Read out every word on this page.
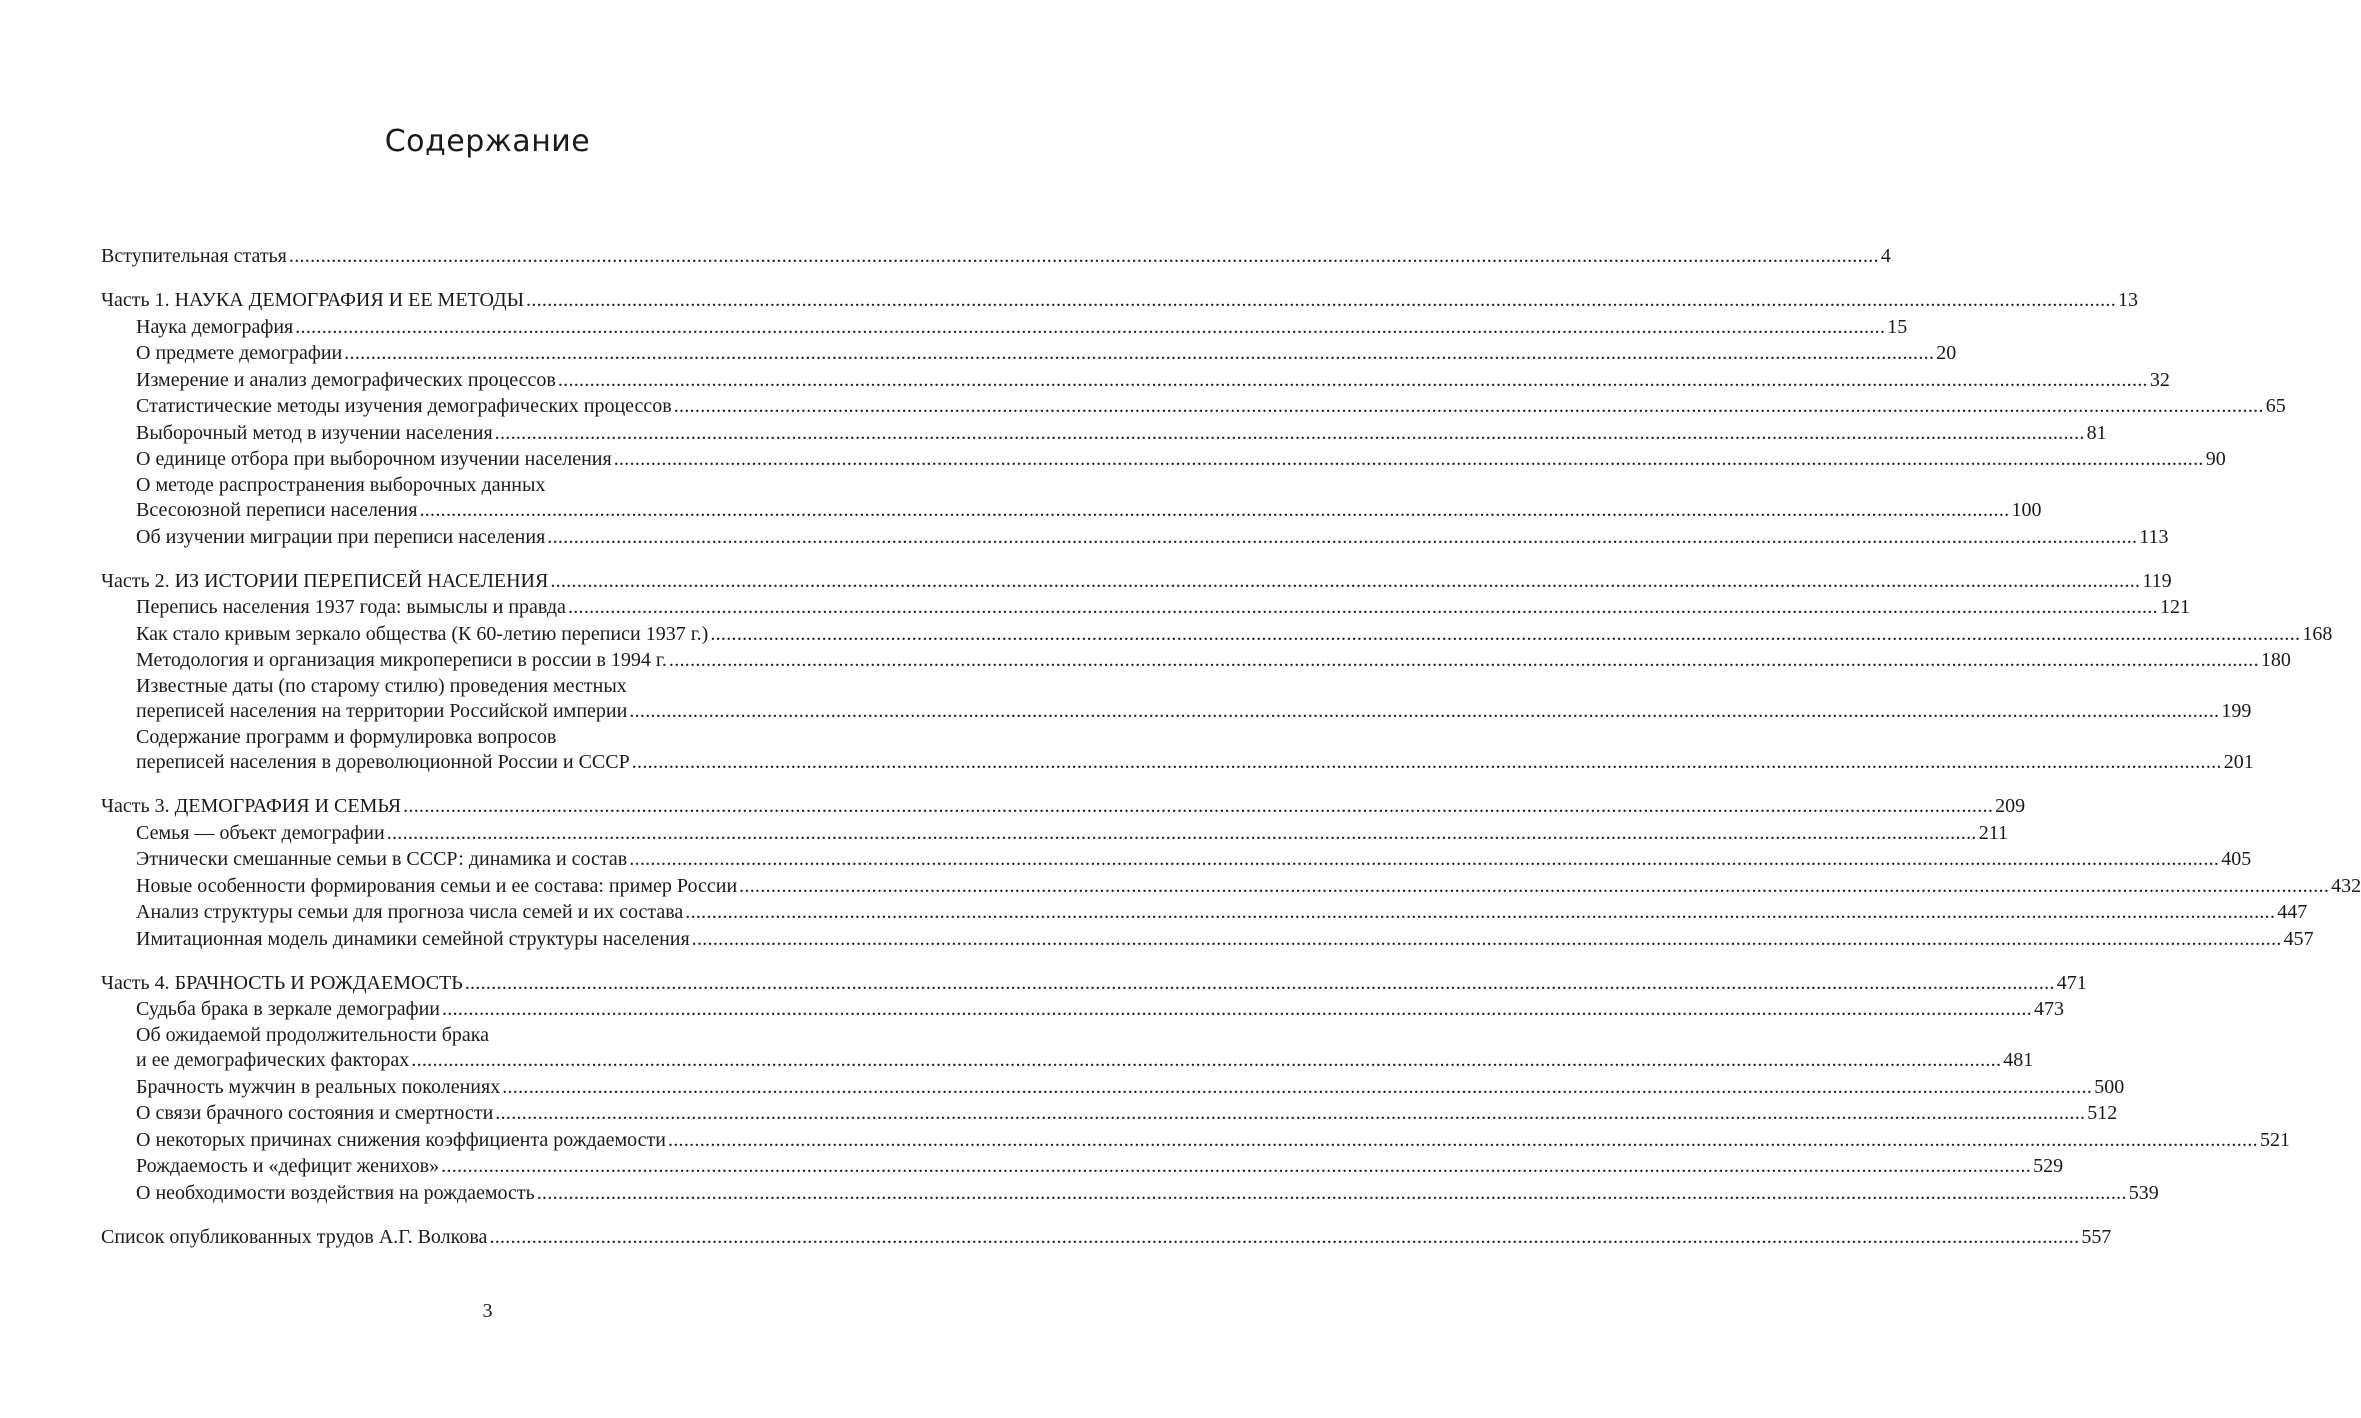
Содержание
Вступительная статья ............................................................................................................................................................................................................................................................................................................ 4
Часть 1. НАУКА ДЕМОГРАФИЯ И ЕЕ МЕТОДЫ ............................................................................................................................................................................................................................................................................................................ 13
Наука демография ............................................................................................................................................................................................................................................................................................................ 15
О предмете демографии ............................................................................................................................................................................................................................................................................................................ 20
Измерение и анализ демографических процессов ............................................................................................................................................................................................................................................................................................................ 32
Статистические методы изучения демографических процессов ............................................................................................................................................................................................................................................................................................................ 65
Выборочный метод в изучении населения ............................................................................................................................................................................................................................................................................................................ 81
О единице отбора при выборочном изучении населения ............................................................................................................................................................................................................................................................................................................ 90
О методе распространения выборочных данных
Всесоюзной переписи населения ............................................................................................................................................................................................................................................................................................................ 100
Об изучении миграции при переписи населения ............................................................................................................................................................................................................................................................................................................ 113
Часть 2. ИЗ ИСТОРИИ ПЕРЕПИСЕЙ НАСЕЛЕНИЯ ............................................................................................................................................................................................................................................................................................................ 119
Перепись населения 1937 года: вымыслы и правда ............................................................................................................................................................................................................................................................................................................ 121
Как стало кривым зеркало общества (К 60-летию переписи 1937 г.) ............................................................................................................................................................................................................................................................................................................ 168
Методология и организация микропереписи в россии в 1994 г. ............................................................................................................................................................................................................................................................................................................ 180
Известные даты (по старому стилю) проведения местных
переписей населения на территории Российской империи ............................................................................................................................................................................................................................................................................................................ 199
Содержание программ и формулировка вопросов
переписей населения в дореволюционной России и СССР ............................................................................................................................................................................................................................................................................................................ 201
Часть 3. ДЕМОГРАФИЯ И СЕМЬЯ ............................................................................................................................................................................................................................................................................................................ 209
Семья — объект демографии ............................................................................................................................................................................................................................................................................................................ 211
Этнически смешанные семьи в СССР: динамика и состав ............................................................................................................................................................................................................................................................................................................ 405
Новые особенности формирования семьи и ее состава: пример России ............................................................................................................................................................................................................................................................................................................ 432
Анализ структуры семьи для прогноза числа семей и их состава ............................................................................................................................................................................................................................................................................................................ 447
Имитационная модель динамики семейной структуры населения ............................................................................................................................................................................................................................................................................................................ 457
Часть 4. БРАЧНОСТЬ И РОЖДАЕМОСТЬ ............................................................................................................................................................................................................................................................................................................ 471
Судьба брака в зеркале демографии ............................................................................................................................................................................................................................................................................................................ 473
Об ожидаемой продолжительности брака
и ее демографических факторах ............................................................................................................................................................................................................................................................................................................ 481
Брачность мужчин в реальных поколениях ............................................................................................................................................................................................................................................................................................................ 500
О связи брачного состояния и смертности ............................................................................................................................................................................................................................................................................................................ 512
О некоторых причинах снижения коэффициента рождаемости ............................................................................................................................................................................................................................................................................................................ 521
Рождаемость и «дефицит женихов» ............................................................................................................................................................................................................................................................................................................ 529
О необходимости воздействия на рождаемость ............................................................................................................................................................................................................................................................................................................ 539
Список опубликованных трудов А.Г. Волкова ............................................................................................................................................................................................................................................................................................................ 557
3
